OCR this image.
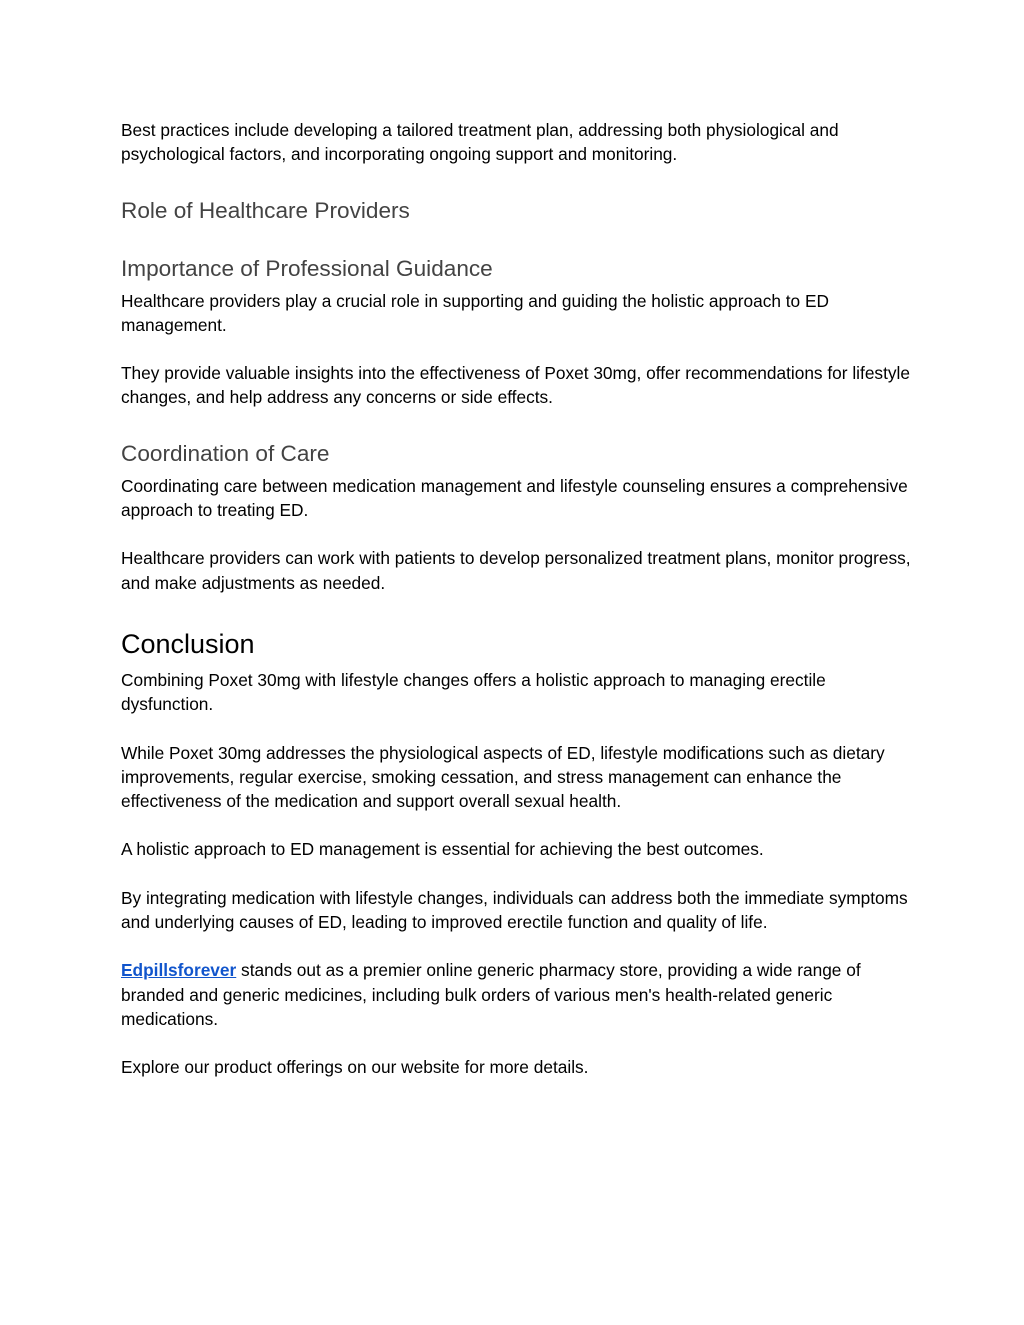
Best practices include developing a tailored treatment plan, addressing both physiological and psychological factors, and incorporating ongoing support and monitoring.

Role of Healthcare Providers
Importance of Professional Guidance

Healthcare providers play a crucial role in supporting and guiding the holistic approach to ED management.

They provide valuable insights into the effectiveness of Poxet 30mg, offer recommendations for lifestyle changes, and help address any concerns or side effects.

Coordination of Care

Coordinating care between medication management and lifestyle counseling ensures a comprehensive approach to treating ED.

Healthcare providers can work with patients to develop personalized treatment plans, monitor progress, and make adjustments as needed.

Conclusion

Combining Poxet 30mg with lifestyle changes offers a holistic approach to managing erectile dysfunction.

While Poxet 30mg addresses the physiological aspects of ED, lifestyle modifications such as dietary improvements, regular exercise, smoking cessation, and stress management can enhance the effectiveness of the medication and support overall sexual health.

A holistic approach to ED management is essential for achieving the best outcomes.

By integrating medication with lifestyle changes, individuals can address both the immediate symptoms and underlying causes of ED, leading to improved erectile function and quality of life.

Edpillsforever stands out as a premier online generic pharmacy store, providing a wide range of branded and generic medicines, including bulk orders of various men's health-related generic medications.

Explore our product offerings on our website for more details.
